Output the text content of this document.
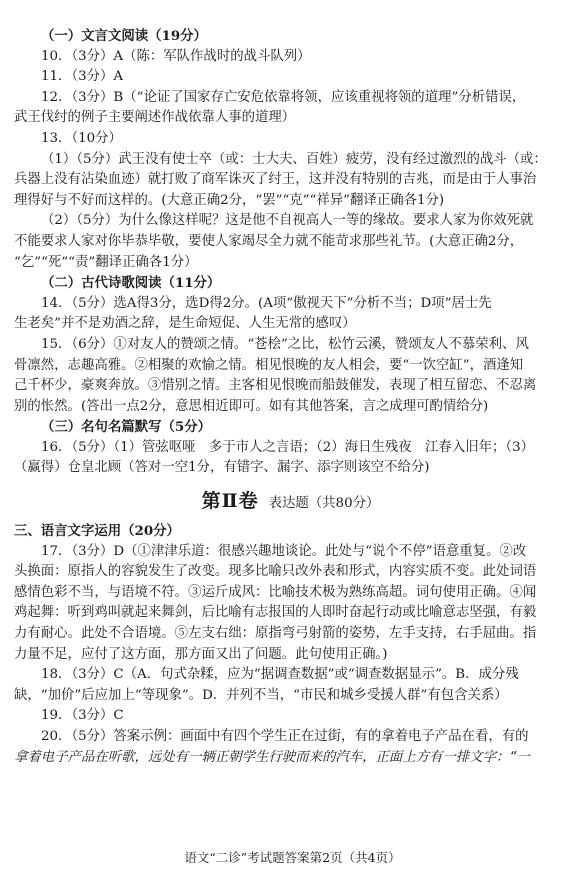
（一）文言文阅读（19分）
10．（3分）A（陈：军队作战时的战斗队列）
11．（3分）A
12．（3分）B（“论证了国家存亡安危依靠将领，应该重视将领的道理”分析错误，
武王伐纣的例子主要阐述作战依靠人事的道理）
13．（10分）
（1）（5分）武王没有使士卒（或：士大夫、百姓）疲劳，没有经过激烈的战斗（或：
兵器上没有沾染血迹）就打败了商军诛灭了纣王，这并没有特别的吉兆，而是由于人事治
理得好与不好而这样的。(大意正确2分，“罢”“克”“祥异”翻译正确各1分)
（2）（5分）为什么像这样呢？这是他不自视高人一等的缘故。要求人家为你效死就
不能要求人家对你毕恭毕敬，要使人家竭尽全力就不能苛求那些礼节。(大意正确2分，
“乞”“死”“责”翻译正确各1分）
（二）古代诗歌阅读（11分）
14．（5分）选A得3分，选D得2分。(A项“傲视天下”分析不当；D项“居士先
生老矣”并不是劝酒之辞，是生命短促、人生无常的感叹）
15．（6分）①对友人的赞颂之情。“苍桧”之比，松竹云溪，赞颂友人不慕荣利、风
骨凛然，志趣高雅。②相聚的欢愉之情。相见恨晚的友人相会，要“一饮空缸”，酒逢知
己千杯少，豪爽奔放。③惜别之情。主客相见恨晚而船鼓催发，表现了相互留恋、不忍离
别的怅然。(答出一点2分，意思相近即可。如有其他答案，言之成理可酌情给分)
（三）名句名篇默写（5分）
16．（5分）（1）管弦呕哑　多于市人之言语；（2）海日生残夜　江春入旧年；（3）
（赢得）仓皇北顾（答对一空1分，有错字、漏字、添字则该空不给分)
第Ⅱ卷 表达题（共80分）
三、语言文字运用（20分）
17．（3分）D（①津津乐道：很感兴趣地谈论。此处与“说个不停”语意重复。②改
头换面：原指人的容貌发生了改变。现多比喻只改外表和形式，内容实质不变。此处词语
感情色彩不当，与语境不符。③运斤成风：比喻技术极为熟练高超。词句使用正确。④闻
鸡起舞：听到鸡叫就起来舞剑，后比喻有志报国的人即时奋起行动或比喻意志坚强，有毅
力有耐心。此处不合语境。⑤左支右绌：原指弯弓射箭的姿势，左手支持，右手屈曲。指
力量不足，应付了这方面，那方面又出了问题。此句使用正确。)
18．（3分）C（A．句式杂糅，应为“据调查数据”或“调查数据显示”。B．成分残
缺，“加价”后应加上“等现象”。D．并列不当，“市民和城乡受援人群”有包含关系）
19．（3分）C
20．（5分）答案示例：画面中有四个学生正在过街，有的拿着电子产品在看，有的
拿着电子产品在听歌，远处有一辆正朝学生行驶而来的汽车，正面上方有一排文字：“一
语文“二诊”考试题答案第2页（共4页）
